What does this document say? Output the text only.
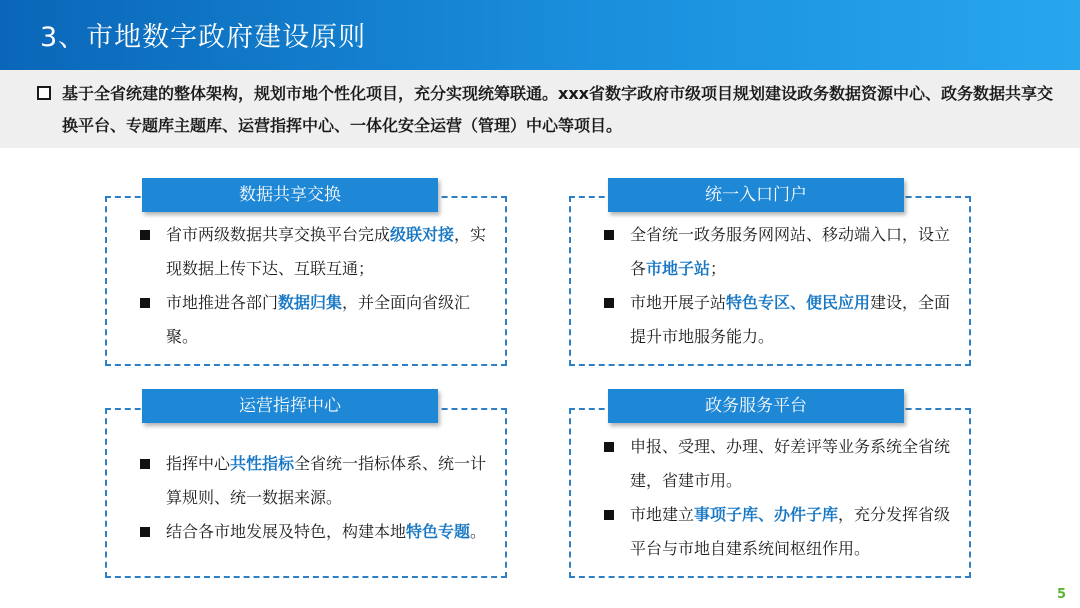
3、市地数字政府建设原则
基于全省统建的整体架构，规划市地个性化项目，充分实现统筹联通。xxx省数字政府市级项目规划建设政务数据资源中心、政务数据共享交换平台、专题库主题库、运营指挥中心、一体化安全运营（管理）中心等项目。
数据共享交换
省市两级数据共享交换平台完成级联对接，实现数据上传下达、互联互通；
市地推进各部门数据归集，并全面向省级汇聚。
统一入口门户
全省统一政务服务网网站、移动端入口，设立各市地子站；
市地开展子站特色专区、便民应用建设，全面提升市地服务能力。
运营指挥中心
指挥中心共性指标全省统一指标体系、统一计算规则、统一数据来源。
结合各市地发展及特色，构建本地特色专题。
政务服务平台
申报、受理、办理、好差评等业务系统全省统建，省建市用。
市地建立事项子库、办件子库，充分发挥省级平台与市地自建系统间枢纽作用。
5
